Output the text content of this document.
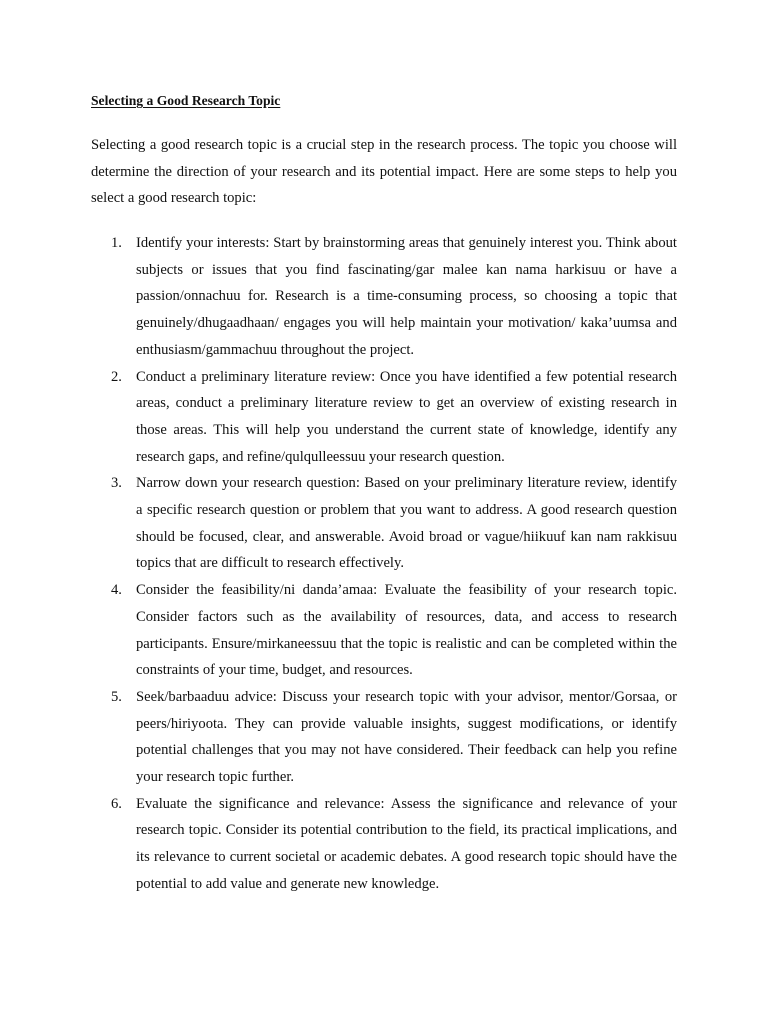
Selecting a Good Research Topic

Selecting a good research topic is a crucial step in the research process. The topic you choose will determine the direction of your research and its potential impact. Here are some steps to help you select a good research topic:

1. Identify your interests: Start by brainstorming areas that genuinely interest you. Think about subjects or issues that you find fascinating/gar malee kan nama harkisuu or have a passion/onnachuu for. Research is a time-consuming process, so choosing a topic that genuinely/dhugaadhaan/ engages you will help maintain your motivation/ kaka’uumsa and enthusiasm/gammachuu throughout the project.
2. Conduct a preliminary literature review: Once you have identified a few potential research areas, conduct a preliminary literature review to get an overview of existing research in those areas. This will help you understand the current state of knowledge, identify any research gaps, and refine/qulqulleessuu your research question.
3. Narrow down your research question: Based on your preliminary literature review, identify a specific research question or problem that you want to address. A good research question should be focused, clear, and answerable. Avoid broad or vague/hiikuuf kan nam rakkisuu topics that are difficult to research effectively.
4. Consider the feasibility/ni danda’amaa: Evaluate the feasibility of your research topic. Consider factors such as the availability of resources, data, and access to research participants. Ensure/mirkaneessuu that the topic is realistic and can be completed within the constraints of your time, budget, and resources.
5. Seek/barbaaduu advice: Discuss your research topic with your advisor, mentor/Gorsaa, or peers/hiriyoota. They can provide valuable insights, suggest modifications, or identify potential challenges that you may not have considered. Their feedback can help you refine your research topic further.
6. Evaluate the significance and relevance: Assess the significance and relevance of your research topic. Consider its potential contribution to the field, its practical implications, and its relevance to current societal or academic debates. A good research topic should have the potential to add value and generate new knowledge.
